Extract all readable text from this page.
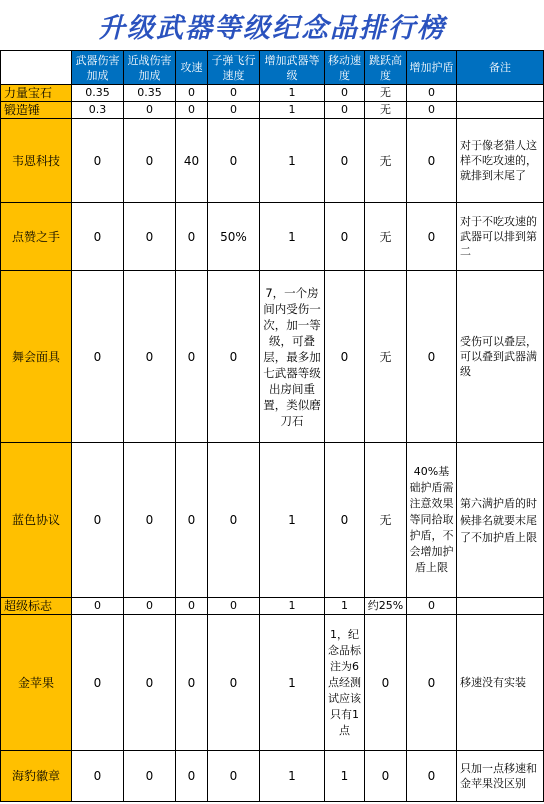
升级武器等级纪念品排行榜
	武器伤害加成	近战伤害加成	攻速	子弹飞行速度	增加武器等级	移动速度	跳跃高度	增加护盾	备注
力量宝石	0.35	0.35	0	0	1	0	无	0	
锻造锤	0.3	0	0	0	1	0	无	0	
韦恩科技	0	0	40	0	1	0	无	0	对于像老猎人这样不吃攻速的，就排到末尾了
点赞之手	0	0	0	50%	1	0	无	0	对于不吃攻速的武器可以排到第二
舞会面具	0	0	0	0	7，一个房间内受伤一次，加一等级，可叠层，最多加七武器等级出房间重置，类似磨刀石	0	无	0	受伤可以叠层，可以叠到武器满级
蓝色协议	0	0	0	0	1	0	无	40%基础护盾需注意效果等同拾取护盾，不会增加护盾上限	第六满护盾的时候排名就要末尾了不加护盾上限
超级标志	0	0	0	0	1	1	约25%	0	
金苹果	0	0	0	0	1	1，纪念品标注为6点经测试应该只有1点	0	0	移速没有实装
海豹徽章	0	0	0	0	1	1	0	0	只加一点移速和金苹果没区别
